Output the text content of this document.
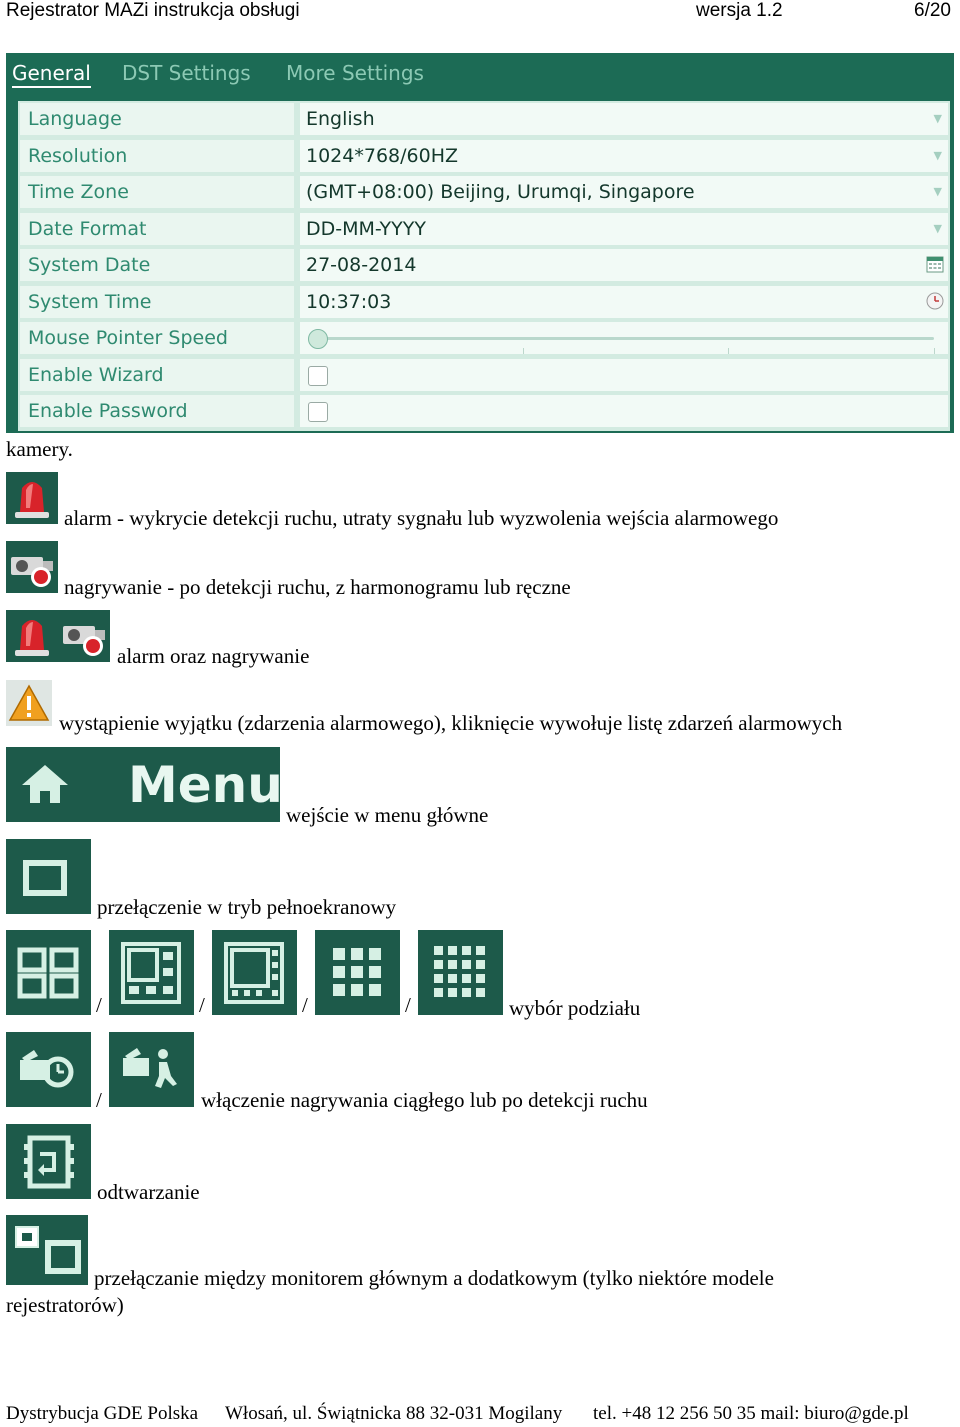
Rejestrator MAZi instrukcja obsługi	wersja 1.2	6/20
General DST Settings More Settings
Language	English	▼
Resolution	1024*768/60HZ	▼
Time Zone	(GMT+08:00) Beijing, Urumqi, Singapore	▼
Date Format	DD-MM-YYYY	▼
System Date	27-08-2014
System Time	10:37:03
Mouse Pointer Speed
Enable Wizard
Enable Password
kamery.
alarm - wykrycie detekcji ruchu, utraty sygnału lub wyzwolenia wejścia alarmowego
nagrywanie - po detekcji ruchu, z harmonogramu lub ręczne
alarm oraz nagrywanie
wystąpienie wyjątku (zdarzenia alarmowego), kliknięcie wywołuje listę zdarzeń alarmowych
Menu
wejście w menu główne
przełączenie w tryb pełnoekranowy
/	/	/	/	wybór podziału
/	włączenie nagrywania ciągłego lub po detekcji ruchu
odtwarzanie
przełączanie między monitorem głównym a dodatkowym (tylko niektóre modele
rejestratorów)
Dystrybucja GDE Polska Włosań, ul. Świątnicka 88 32-031 Mogilany tel. +48 12 256 50 35 mail: biuro@gde.pl
